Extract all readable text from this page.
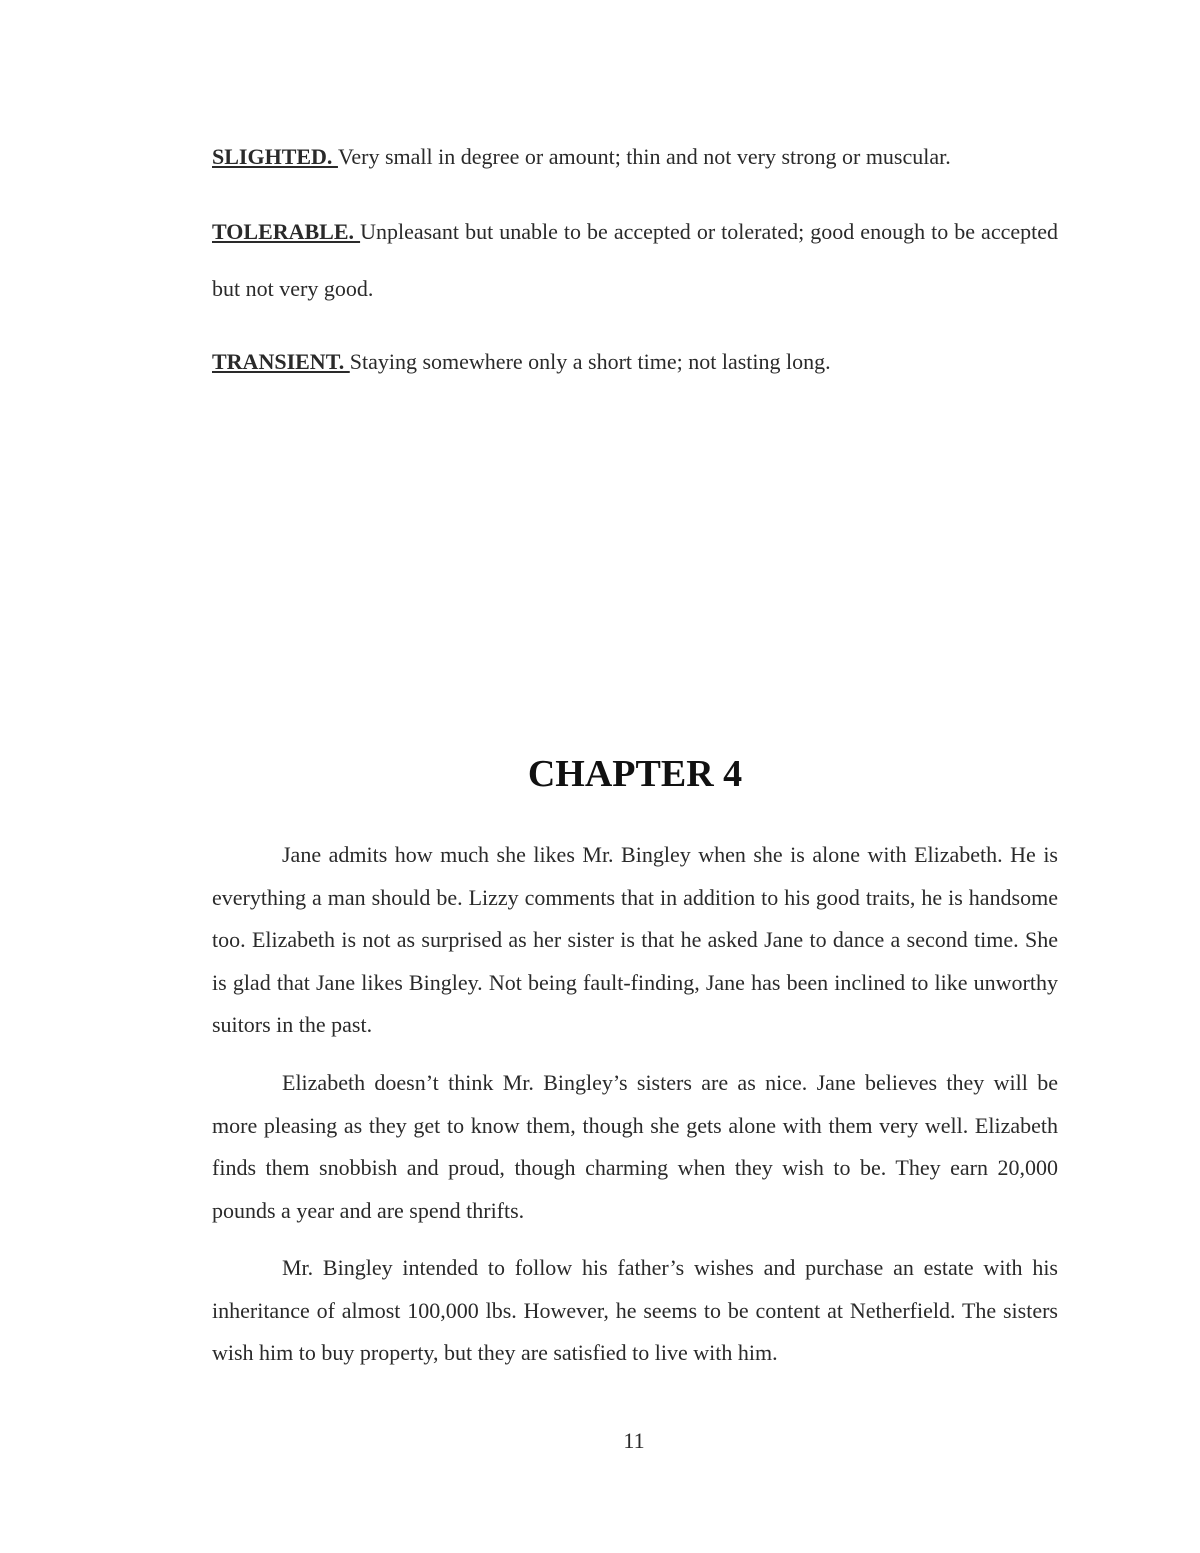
SLIGHTED. Very small in degree or amount; thin and not very strong or muscular.

TOLERABLE. Unpleasant but unable to be accepted or tolerated; good enough to be accepted but not very good.

TRANSIENT. Staying somewhere only a short time; not lasting long.

CHAPTER 4

Jane admits how much she likes Mr. Bingley when she is alone with Elizabeth. He is everything a man should be. Lizzy comments that in addition to his good traits, he is handsome too. Elizabeth is not as surprised as her sister is that he asked Jane to dance a second time. She is glad that Jane likes Bingley. Not being fault-finding, Jane has been inclined to like unworthy suitors in the past.

Elizabeth doesn’t think Mr. Bingley’s sisters are as nice. Jane believes they will be more pleasing as they get to know them, though she gets alone with them very well. Elizabeth finds them snobbish and proud, though charming when they wish to be. They earn 20,000 pounds a year and are spend thrifts.

Mr. Bingley intended to follow his father’s wishes and purchase an estate with his inheritance of almost 100,000 lbs. However, he seems to be content at Netherfield. The sisters wish him to buy property, but they are satisfied to live with him.

11
